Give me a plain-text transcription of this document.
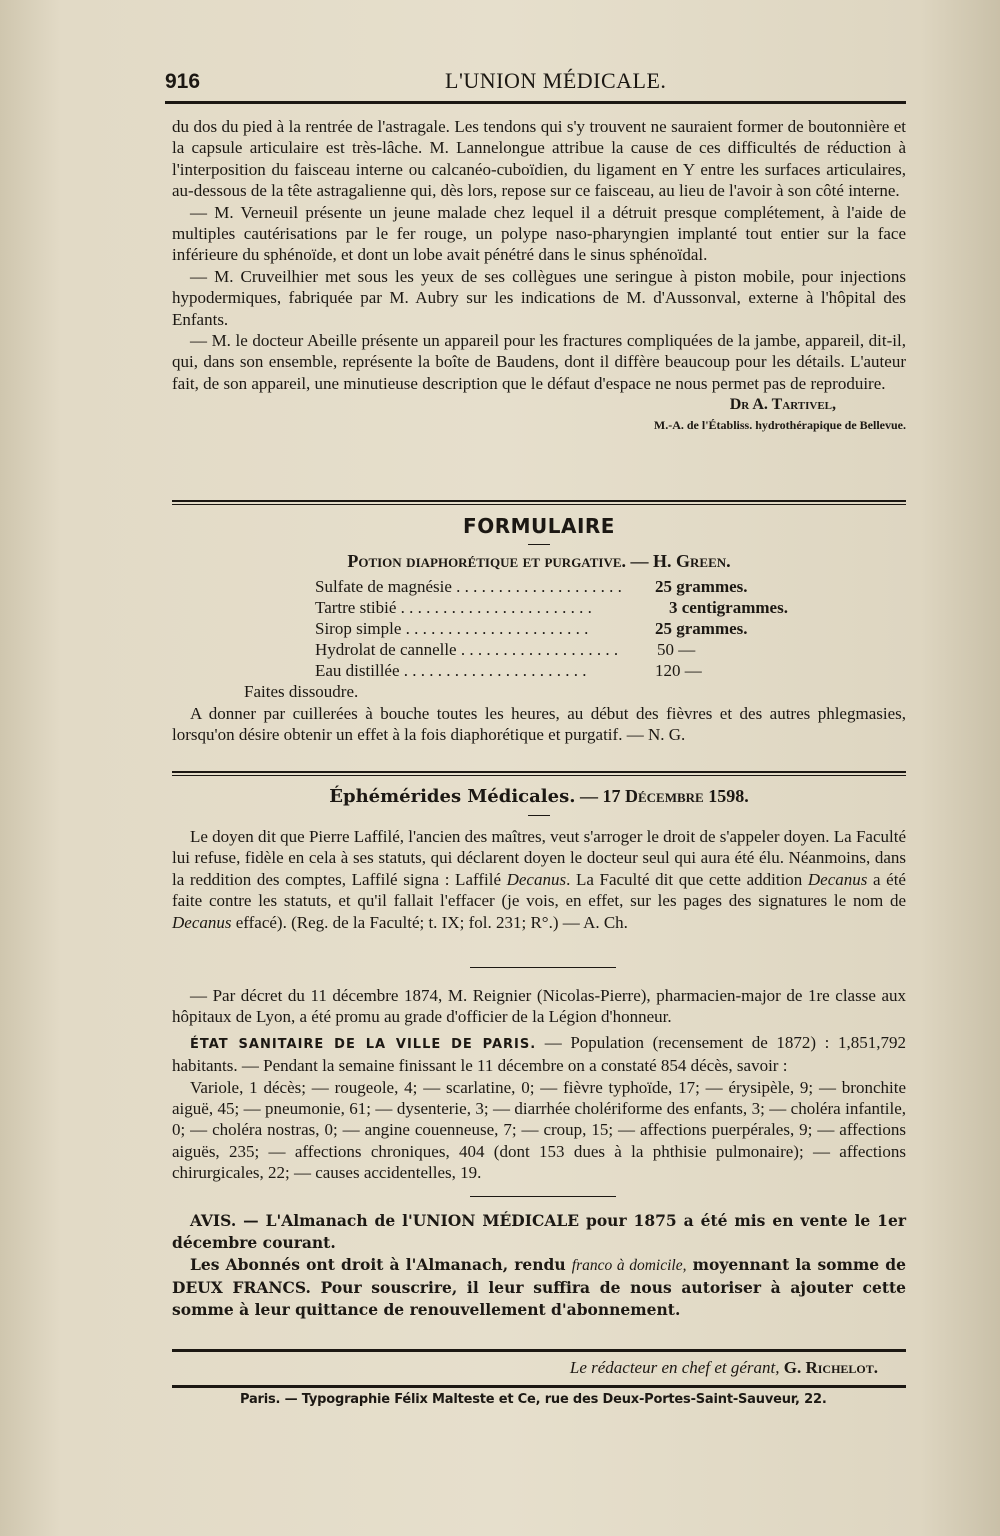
916	L'UNION MÉDICALE.

du dos du pied à la rentrée de l'astragale. Les tendons qui s'y trouvent ne sauraient former de boutonnière et la capsule articulaire est très-lâche. M. Lannelongue attribue la cause de ces difficultés de réduction à l'interposition du faisceau interne ou calcanéo-cuboïdien, du ligament en Y entre les surfaces articulaires, au-dessous de la tête astragalienne qui, dès lors, repose sur ce faisceau, au lieu de l'avoir à son côté interne.

— M. Verneuil présente un jeune malade chez lequel il a détruit presque complétement, à l'aide de multiples cautérisations par le fer rouge, un polype naso-pharyngien implanté tout entier sur la face inférieure du sphénoïde, et dont un lobe avait pénétré dans le sinus sphénoïdal.

— M. Cruveilhier met sous les yeux de ses collègues une seringue à piston mobile, pour injections hypodermiques, fabriquée par M. Aubry sur les indications de M. d'Aussonval, externe à l'hôpital des Enfants.

— M. le docteur Abeille présente un appareil pour les fractures compliquées de la jambe, appareil, dit-il, qui, dans son ensemble, représente la boîte de Baudens, dont il diffère beaucoup pour les détails. L'auteur fait, de son appareil, une minutieuse description que le défaut d'espace ne nous permet pas de reproduire.

Dr A. Tartivel,

M.-A. de l'Établiss. hydrothérapique de Bellevue.

FORMULAIRE
Potion diaphorétique et purgative. — H. Green.
Sulfate de magnésie . . . . . . . . . . . . . . . . . . . .	25 grammes.
Tartre stibié . . . . . . . . . . . . . . . . . . . . . . .	3 centigrammes.
Sirop simple . . . . . . . . . . . . . . . . . . . . . .	25 grammes.
Hydrolat de cannelle . . . . . . . . . . . . . . . . . . .	50 —
Eau distillée . . . . . . . . . . . . . . . . . . . . . .	120 —

Faites dissoudre.

A donner par cuillerées à bouche toutes les heures, au début des fièvres et des autres phlegmasies, lorsqu'on désire obtenir un effet à la fois diaphorétique et purgatif. — N. G.

Éphémérides Médicales. — 17 Décembre 1598.

Le doyen dit que Pierre Laffilé, l'ancien des maîtres, veut s'arroger le droit de s'appeler doyen. La Faculté lui refuse, fidèle en cela à ses statuts, qui déclarent doyen le docteur seul qui aura été élu. Néanmoins, dans la reddition des comptes, Laffilé signa : Laffilé Decanus. La Faculté dit que cette addition Decanus a été faite contre les statuts, et qu'il fallait l'effacer (je vois, en effet, sur les pages des signatures le nom de Decanus effacé). (Reg. de la Faculté; t. IX; fol. 231; R°.) — A. Ch.

— Par décret du 11 décembre 1874, M. Reignier (Nicolas-Pierre), pharmacien-major de 1re classe aux hôpitaux de Lyon, a été promu au grade d'officier de la Légion d'honneur.

ÉTAT SANITAIRE DE LA VILLE DE PARIS. — Population (recensement de 1872) : 1,851,792 habitants. — Pendant la semaine finissant le 11 décembre on a constaté 854 décès, savoir :

Variole, 1 décès; — rougeole, 4; — scarlatine, 0; — fièvre typhoïde, 17; — érysipèle, 9; — bronchite aiguë, 45; — pneumonie, 61; — dysenterie, 3; — diarrhée cholériforme des enfants, 3; — choléra infantile, 0; — choléra nostras, 0; — angine couenneuse, 7; — croup, 15; — affections puerpérales, 9; — affections aiguës, 235; — affections chroniques, 404 (dont 153 dues à la phthisie pulmonaire); — affections chirurgicales, 22; — causes accidentelles, 19.

AVIS. — L'Almanach de l'UNION MÉDICALE pour 1875 a été mis en vente le 1er décembre courant.

Les Abonnés ont droit à l'Almanach, rendu franco à domicile, moyennant la somme de DEUX FRANCS. Pour souscrire, il leur suffira de nous autoriser à ajouter cette somme à leur quittance de renouvellement d'abonnement.

Le rédacteur en chef et gérant, G. Richelot.
Paris. — Typographie Félix Malteste et Ce, rue des Deux-Portes-Saint-Sauveur, 22.
